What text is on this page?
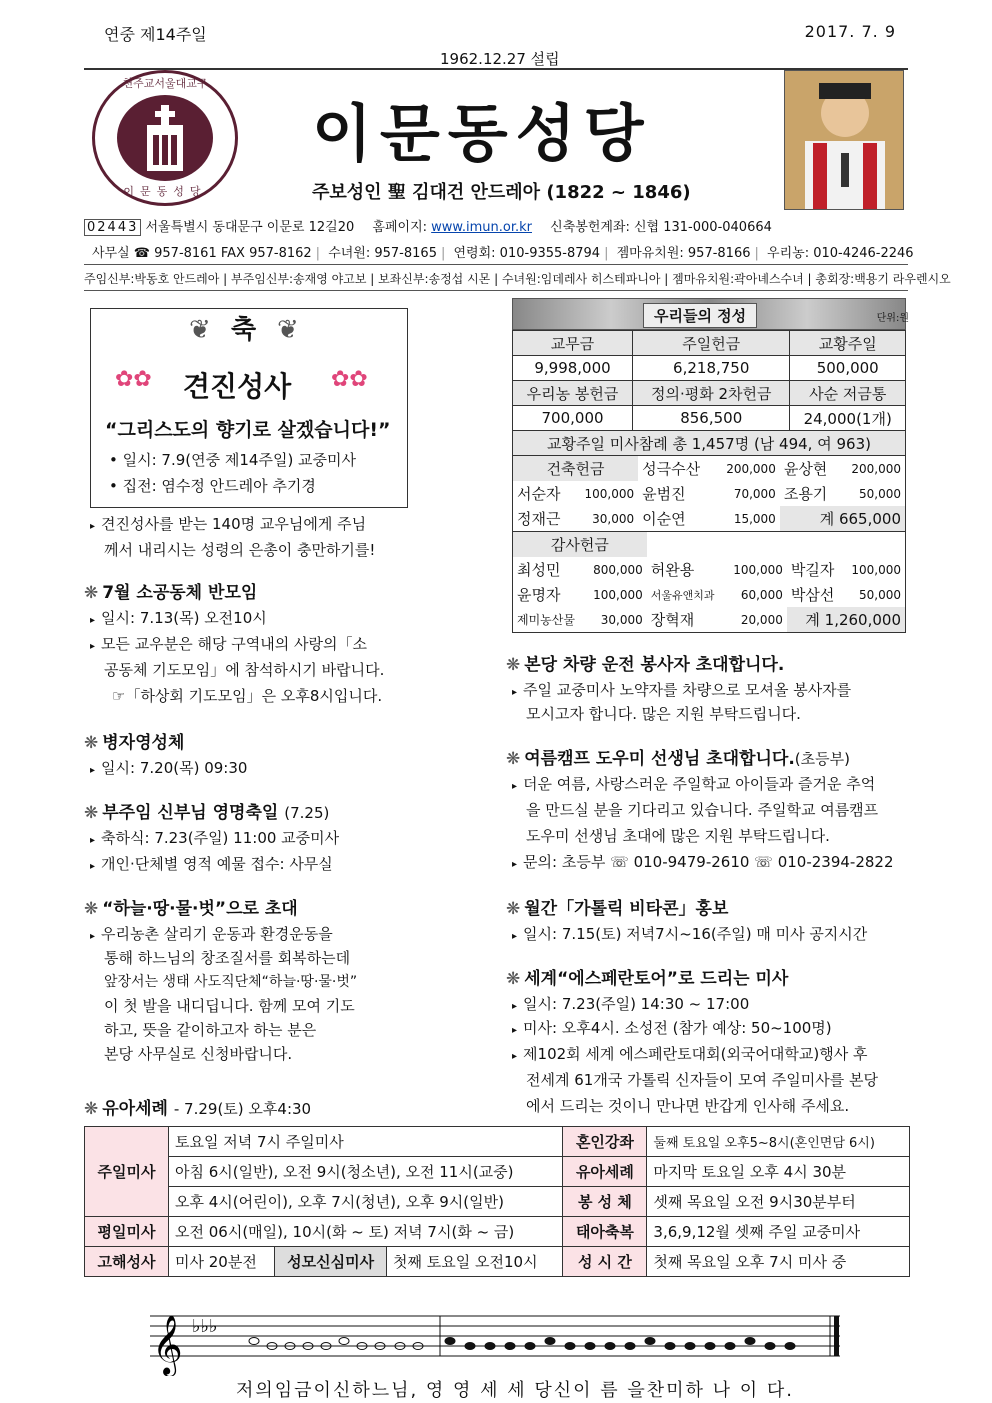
연중 제14주일	2017. 7. 9
천주교서울대교구
이문동성당
1962.12.27 설립
이문동성당
주보성인 聖 김대건 안드레아 (1822 ~ 1846)
02443 서울특별시 동대문구 이문로 12길20 홈페이지: www.imun.or.kr 신축봉헌계좌: 신협 131-000-040664
사무실 ☎ 957-8161 FAX 957-8162 | 수녀원: 957-8165 | 연령회: 010-9355-8794 | 젬마유치원: 957-8166 | 우리농: 010-4246-2246
주임신부:박동호 안드레아 | 부주임신부:송재영 야고보 | 보좌신부:송정섭 시몬 | 수녀원:임데레사 히스테파니아 | 젬마유치원:곽아녜스수녀 | 총회장:백용기 라우렌시오
축
❦	❦
✿✿ 견진성사 ✿✿
“그리스도의 향기로 살겠습니다!”
• 일시: 7.9(연중 제14주일) 교중미사
• 집전: 염수정 안드레아 추기경
▸ 견진성사를 받는 140명 교우님에게 주님
께서 내리시는 성령의 은총이 충만하기를!
❋ 7월 소공동체 반모임
▸ 일시: 7.13(목) 오전10시
▸ 모든 교우분은 해당 구역내의 사랑의「소
공동체 기도모임」에 참석하시기 바랍니다.
☞「하상회 기도모임」은 오후8시입니다.
❋ 병자영성체
▸ 일시: 7.20(목) 09:30
❋ 부주임 신부님 영명축일 (7.25)
▸ 축하식: 7.23(주일) 11:00 교중미사
▸ 개인·단체별 영적 예물 접수: 사무실
❋ “하늘·땅·물·벗”으로 초대
▸ 우리농촌 살리기 운동과 환경운동을
통해 하느님의 창조질서를 회복하는데
앞장서는 생태 사도직단체“하늘·땅·물·벗”
이 첫 발을 내디딥니다. 함께 모여 기도
하고, 뜻을 같이하고자 하는 분은
본당 사무실로 신청바랍니다.
❋ 유아세례 - 7.29(토) 오후4:30
우리들의 정성	단위:원
교무금	주일헌금	교황주일
9,998,000	6,218,750	500,000
우리농 봉헌금	정의·평화 2차헌금	사순 저금통
700,000	856,500	24,000(1개)
교황주일 미사참례 총 1,457명 (남 494, 여 963)		
건축헌금		성극수산	200,000	윤상현	200,000
서순자	100,000	윤범진	70,000	조용기	50,000
정재근	30,000	이순연	15,000	계 665,000	
감사헌금					
최성민	800,000	허완용	100,000	박길자	100,000
윤명자	100,000	서울유앤치과	60,000	박삼선	50,000
제미농산물	30,000	장혁재	20,000	계 1,260,000	
❋ 본당 차량 운전 봉사자 초대합니다.
▸ 주일 교중미사 노약자를 차량으로 모셔올 봉사자를
모시고자 합니다. 많은 지원 부탁드립니다.
❋ 여름캠프 도우미 선생님 초대합니다.(초등부)
▸ 더운 여름, 사랑스러운 주일학교 아이들과 즐거운 추억
을 만드실 분을 기다리고 있습니다. 주일학교 여름캠프
도우미 선생님 초대에 많은 지원 부탁드립니다.
▸ 문의: 초등부 ☏ 010-9479-2610 ☏ 010-2394-2822
❋ 월간「가톨릭 비타콘」홍보
▸ 일시: 7.15(토) 저녁7시~16(주일) 매 미사 공지시간
❋ 세계“에스페란토어”로 드리는 미사
▸ 일시: 7.23(주일) 14:30 ~ 17:00
▸ 미사: 오후4시. 소성전 (참가 예상: 50~100명)
▸ 제102회 세계 에스페란토대회(외국어대학교)행사 후
전세계 61개국 가톨릭 신자들이 모여 주일미사를 본당
에서 드리는 것이니 만나면 반갑게 인사해 주세요.
주일미사	토요일 저녁 7시 주일미사			혼인강좌	둘째 토요일 오후5~8시(혼인면담 6시)
	아침 6시(일반), 오전 9시(청소년), 오전 11시(교중)			유아세례	마지막 토요일 오후 4시 30분
	오후 4시(어린이), 오후 7시(청년), 오후 9시(일반)			봉 성 체	셋째 목요일 오전 9시30분부터
평일미사	오전 06시(매일), 10시(화 ~ 토) 저녁 7시(화 ~ 금)			태아축복	3,6,9,12월 셋째 주일 교중미사
고해성사	미사 20분전	성모신심미사	첫째 토요일 오전10시	성 시 간	첫째 목요일 오후 7시 미사 중
𝄞 ♭♭♭
저의임금이신하느님, 영 영 세 세 당신이 름 을찬미하 나 이 다.
